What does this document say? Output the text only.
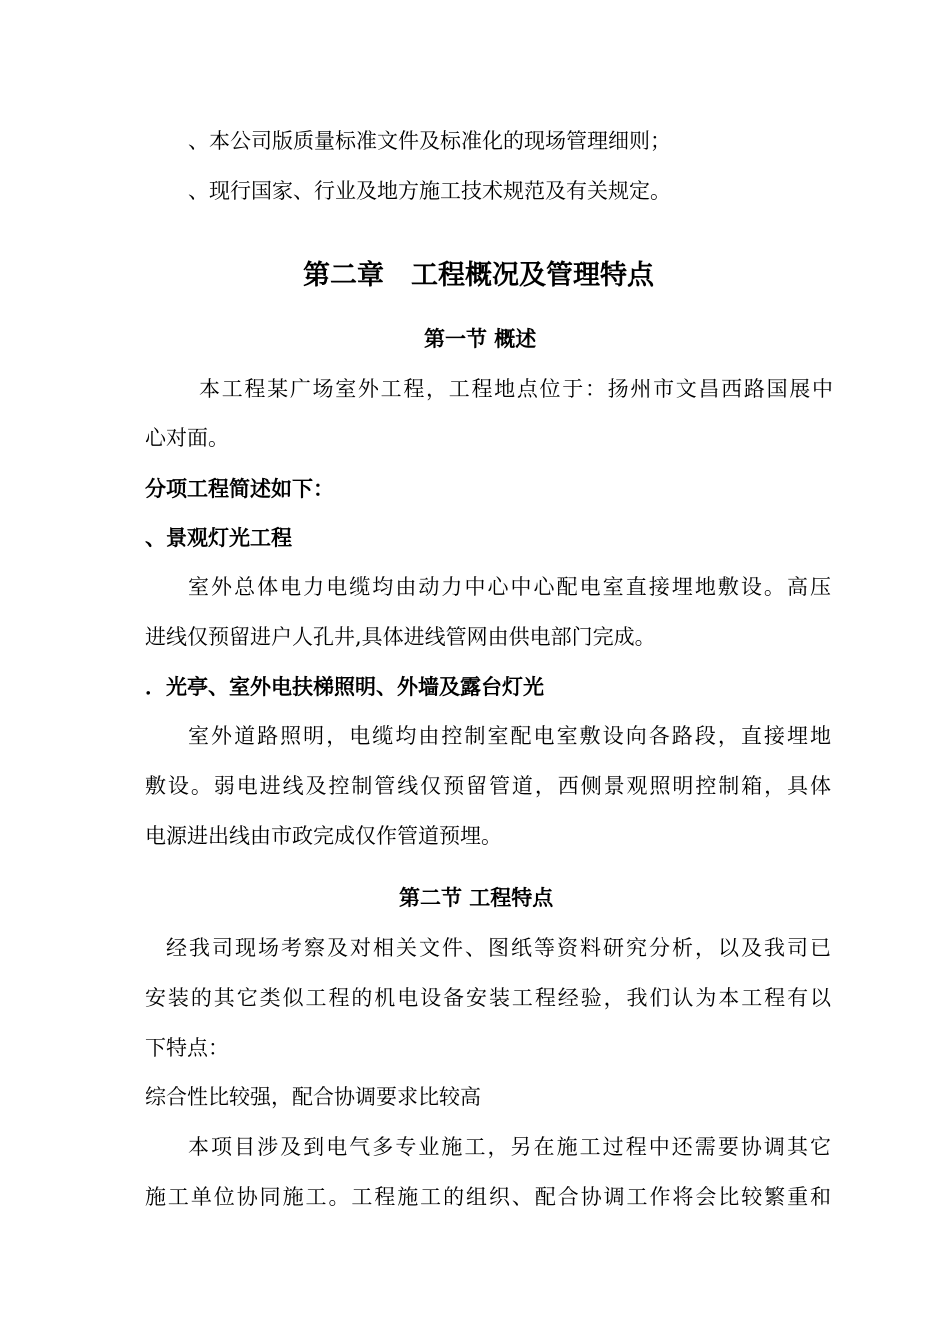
、本公司版质量标准文件及标准化的现场管理细则；
、现行国家、行业及地方施工技术规范及有关规定。
第二章　工程概况及管理特点
第一节 概述
本工程某广场室外工程，工程地点位于：扬州市文昌西路国展中
心对面。
分项工程简述如下：
、景观灯光工程
室外总体电力电缆均由动力中心中心配电室直接埋地敷设。高压
进线仅预留进户人孔井,具体进线管网由供电部门完成。
．光亭、室外电扶梯照明、外墙及露台灯光
室外道路照明，电缆均由控制室配电室敷设向各路段，直接埋地
敷设。弱电进线及控制管线仅预留管道，西侧景观照明控制箱，具体
电源进出线由市政完成仅作管道预埋。
第二节 工程特点
经我司现场考察及对相关文件、图纸等资料研究分析，以及我司已
安装的其它类似工程的机电设备安装工程经验，我们认为本工程有以
下特点：
综合性比较强，配合协调要求比较高
本项目涉及到电气多专业施工，另在施工过程中还需要协调其它
施工单位协同施工。工程施工的组织、配合协调工作将会比较繁重和
